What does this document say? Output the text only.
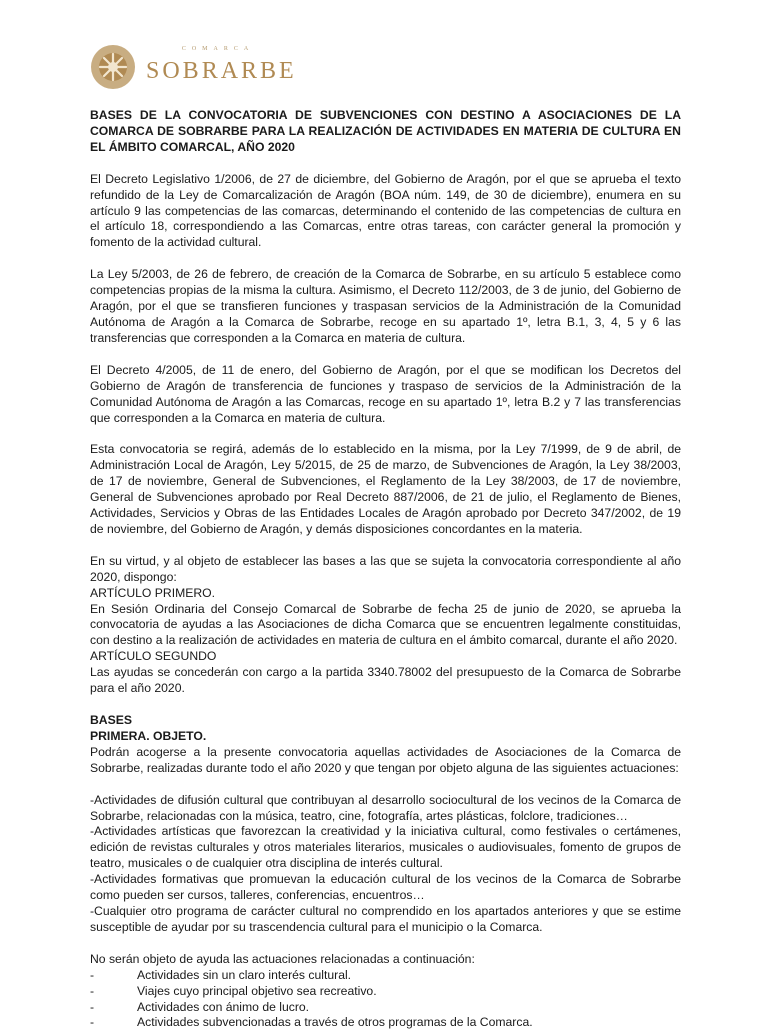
COMARCA
SOBRARBE

BASES DE LA CONVOCATORIA DE SUBVENCIONES CON DESTINO A ASOCIACIONES DE LA COMARCA DE SOBRARBE PARA LA REALIZACIÓN DE ACTIVIDADES EN MATERIA DE CULTURA EN EL ÁMBITO COMARCAL, AÑO 2020

El Decreto Legislativo 1/2006, de 27 de diciembre, del Gobierno de Aragón, por el que se aprueba el texto refundido de la Ley de Comarcalización de Aragón (BOA núm. 149, de 30 de diciembre), enumera en su artículo 9 las competencias de las comarcas, determinando el contenido de las competencias de cultura en el artículo 18, correspondiendo a las Comarcas, entre otras tareas, con carácter general la promoción y fomento de la actividad cultural.

La Ley 5/2003, de 26 de febrero, de creación de la Comarca de Sobrarbe, en su artículo 5 establece como competencias propias de la misma la cultura. Asimismo, el Decreto 112/2003, de 3 de junio, del Gobierno de Aragón, por el que se transfieren funciones y traspasan servicios de la Administración de la Comunidad Autónoma de Aragón a la Comarca de Sobrarbe, recoge en su apartado 1º, letra B.1, 3, 4, 5 y 6 las transferencias que corresponden a la Comarca en materia de cultura.

El Decreto 4/2005, de 11 de enero, del Gobierno de Aragón, por el que se modifican los Decretos del Gobierno de Aragón de transferencia de funciones y traspaso de servicios de la Administración de la Comunidad Autónoma de Aragón a las Comarcas, recoge en su apartado 1º, letra B.2 y 7 las transferencias que corresponden a la Comarca en materia de cultura.

Esta convocatoria se regirá, además de lo establecido en la misma, por la Ley 7/1999, de 9 de abril, de Administración Local de Aragón, Ley 5/2015, de 25 de marzo, de Subvenciones de Aragón, la Ley 38/2003, de 17 de noviembre, General de Subvenciones, el Reglamento de la Ley 38/2003, de 17 de noviembre, General de Subvenciones aprobado por Real Decreto 887/2006, de 21 de julio, el Reglamento de Bienes, Actividades, Servicios y Obras de las Entidades Locales de Aragón aprobado por Decreto 347/2002, de 19 de noviembre, del Gobierno de Aragón, y demás disposiciones concordantes en la materia.

En su virtud, y al objeto de establecer las bases a las que se sujeta la convocatoria correspondiente al año 2020, dispongo:

ARTÍCULO PRIMERO.

En Sesión Ordinaria del Consejo Comarcal de Sobrarbe de fecha 25 de junio de 2020, se aprueba la convocatoria de ayudas a las Asociaciones de dicha Comarca que se encuentren legalmente constituidas, con destino a la realización de actividades en materia de cultura en el ámbito comarcal, durante el año 2020.

ARTÍCULO SEGUNDO

Las ayudas se concederán con cargo a la partida 3340.78002 del presupuesto de la Comarca de Sobrarbe para el año 2020.

BASES

PRIMERA. OBJETO.

Podrán acogerse a la presente convocatoria aquellas actividades de Asociaciones de la Comarca de Sobrarbe, realizadas durante todo el año 2020 y que tengan por objeto alguna de las siguientes actuaciones:

-Actividades de difusión cultural que contribuyan al desarrollo sociocultural de los vecinos de la Comarca de Sobrarbe, relacionadas con la música, teatro, cine, fotografía, artes plásticas, folclore, tradiciones…

-Actividades artísticas que favorezcan la creatividad y la iniciativa cultural, como festivales o certámenes, edición de revistas culturales y otros materiales literarios, musicales o audiovisuales, fomento de grupos de teatro, musicales o de cualquier otra disciplina de interés cultural.

-Actividades formativas que promuevan la educación cultural de los vecinos de la Comarca de Sobrarbe como pueden ser cursos, talleres, conferencias, encuentros…

-Cualquier otro programa de carácter cultural no comprendido en los apartados anteriores y que se estime susceptible de ayudar por su trascendencia cultural para el municipio o la Comarca.

No serán objeto de ayuda las actuaciones relacionadas a continuación:

-	Actividades sin un claro interés cultural.
-	Viajes cuyo principal objetivo sea recreativo.
-	Actividades con ánimo de lucro.
-	Actividades subvencionadas a través de otros programas de la Comarca.
